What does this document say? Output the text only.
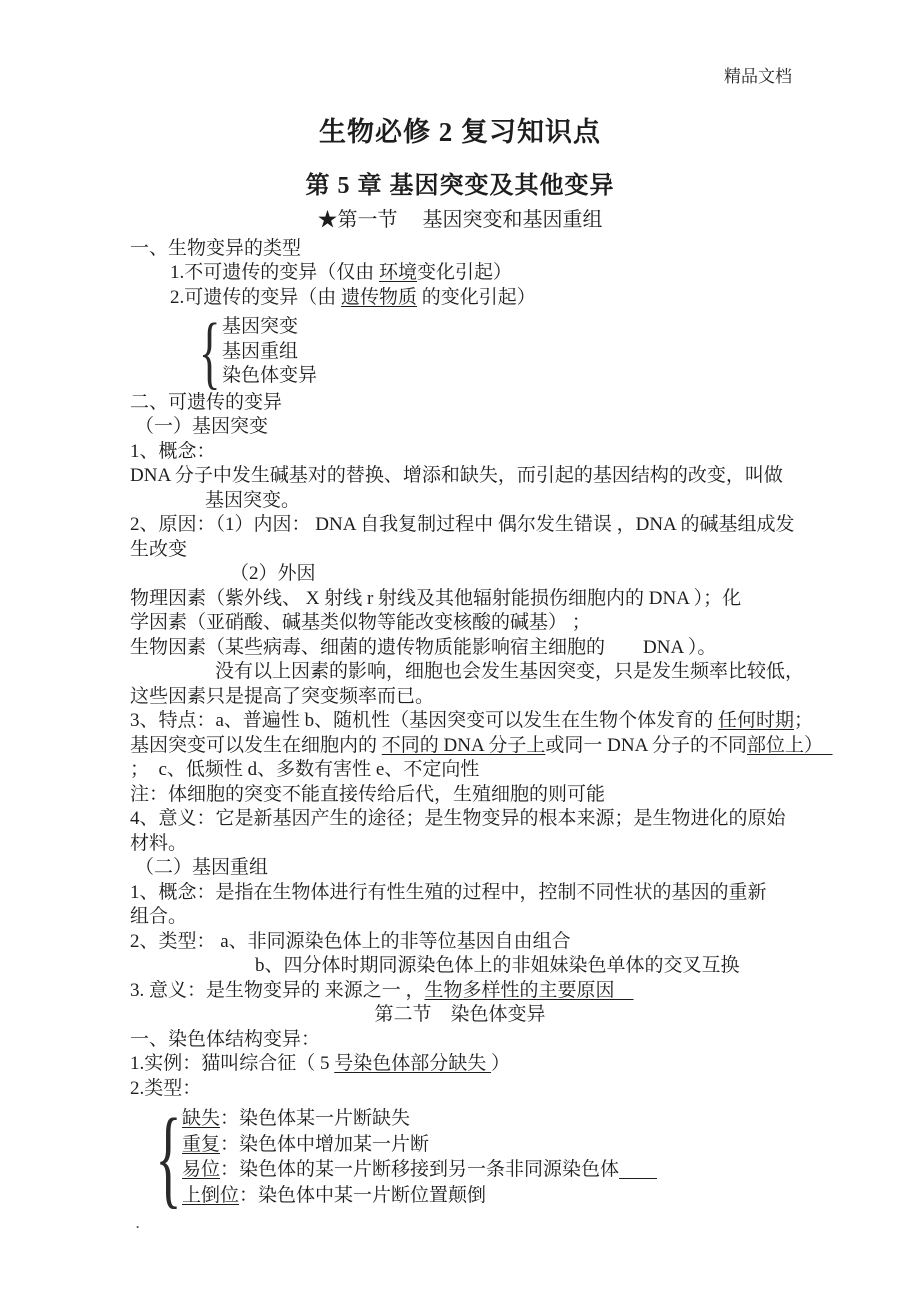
精品文档
生物必修 2 复习知识点
第 5 章 基因突变及其他变异
★第一节　 基因突变和基因重组
一、生物变异的类型
1.不可遗传的变异（仅由 环境变化引起）
2.可遗传的变异（由 遗传物质 的变化引起）
{ 基因突变
基因重组
染色体变异
二、可遗传的变异
（一）基因突变
1、概念：
DNA 分子中发生碱基对的替换、增添和缺失，而引起的基因结构的改变，叫做
基因突变。
2、原因：（1）内因： DNA 自我复制过程中 偶尔发生错误 ，DNA 的碱基组成发
生改变
（2）外因
物理因素（紫外线、 X 射线 r 射线及其他辐射能损伤细胞内的 DNA ）；化
学因素（亚硝酸、碱基类似物等能改变核酸的碱基） ；
生物因素（某些病毒、细菌的遗传物质能影响宿主细胞的　　DNA ）。
没有以上因素的影响，细胞也会发生基因突变，只是发生频率比较低，
这些因素只是提高了突变频率而已。
3、特点：a、普遍性 b、随机性（基因突变可以发生在生物个体发育的 任何时期；
基因突变可以发生在细胞内的 不同的 DNA 分子上或同一 DNA 分子的不同部位上）　
；  c、低频性 d、多数有害性 e、不定向性
注：体细胞的突变不能直接传给后代，生殖细胞的则可能
4、意义：它是新基因产生的途径；是生物变异的根本来源；是生物进化的原始
材料。
（二）基因重组
1、概念：是指在生物体进行有性生殖的过程中，控制不同性状的基因的重新
组合。
2、类型： a、非同源染色体上的非等位基因自由组合
b、四分体时期同源染色体上的非姐妹染色单体的交叉互换
3. 意义：是生物变异的 来源之一 ，生物多样性的主要原因　
第二节　染色体变异
一、染色体结构变异：
1.实例：猫叫综合征（ 5 号染色体部分缺失 ）
2.类型：
{ 缺失：染色体某一片断缺失
重复：染色体中增加某一片断
易位：染色体的某一片断移接到另一条非同源染色体　　
上倒位：染色体中某一片断位置颠倒
.
